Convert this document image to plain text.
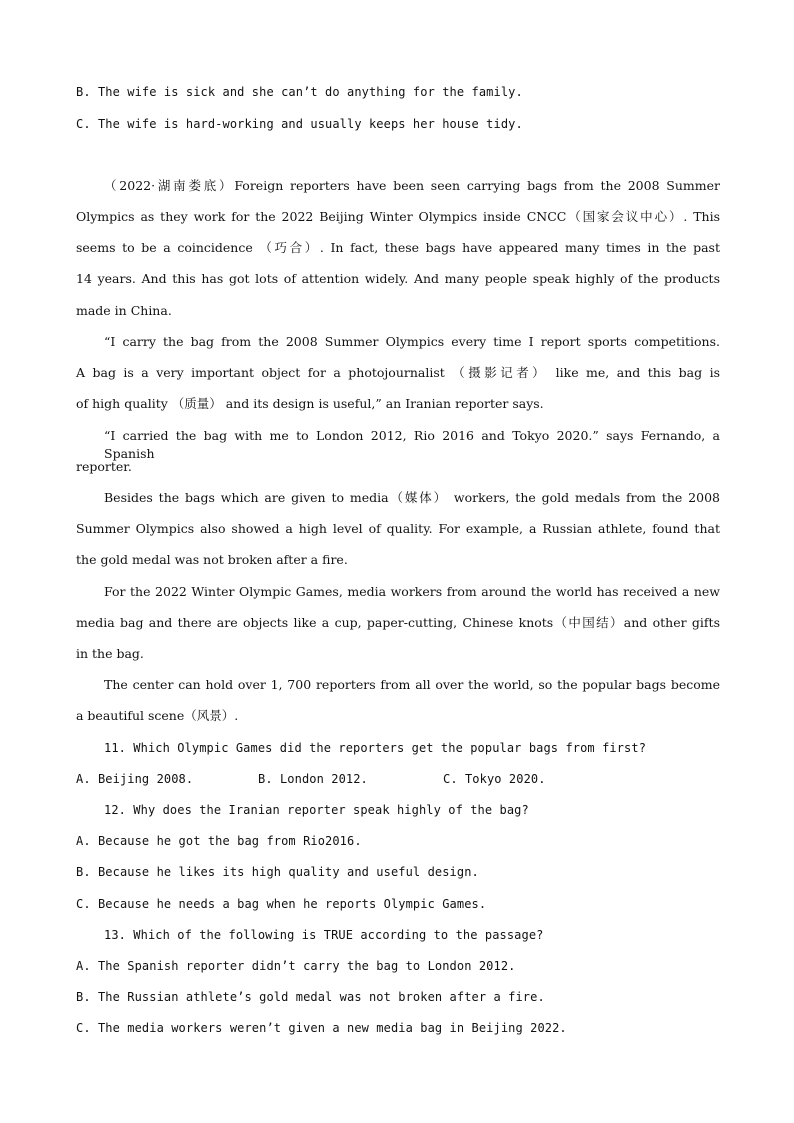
B. The wife is sick and she can’t do anything for the family.
C. The wife is hard-working and usually keeps her house tidy.
（2022·湖南娄底）Foreign reporters have been seen carrying bags from the 2008 Summer
Olympics as they work for the 2022 Beijing Winter Olympics inside CNCC（国家会议中心）. This
seems to be a coincidence （巧合）. In fact, these bags have appeared many times in the past
14 years. And this has got lots of attention widely. And many people speak highly of the products
made in China.
“I carry the bag from the 2008 Summer Olympics every time I report sports competitions.
A bag is a very important object for a photojournalist （摄影记者） like me, and this bag is
of high quality （质量） and its design is useful,” an Iranian reporter says.
“I carried the bag with me to London 2012, Rio 2016 and Tokyo 2020.” says Fernando, a Spanish
reporter.
Besides the bags which are given to media（媒体） workers, the gold medals from the 2008
Summer Olympics also showed a high level of quality. For example, a Russian athlete, found that
the gold medal was not broken after a fire.
For the 2022 Winter Olympic Games, media workers from around the world has received a new
media bag and there are objects like a cup, paper-cutting, Chinese knots（中国结）and other gifts
in the bag.
The center can hold over 1, 700 reporters from all over the world, so the popular bags become
a beautiful scene（风景）.
11. Which Olympic Games did the reporters get the popular bags from first?
A. Beijing 2008.	B. London 2012.	C. Tokyo 2020.
12. Why does the Iranian reporter speak highly of the bag?
A. Because he got the bag from Rio2016.
B. Because he likes its high quality and useful design.
C. Because he needs a bag when he reports Olympic Games.
13. Which of the following is TRUE according to the passage?
A. The Spanish reporter didn’t carry the bag to London 2012.
B. The Russian athlete’s gold medal was not broken after a fire.
C. The media workers weren’t given a new media bag in Beijing 2022.
